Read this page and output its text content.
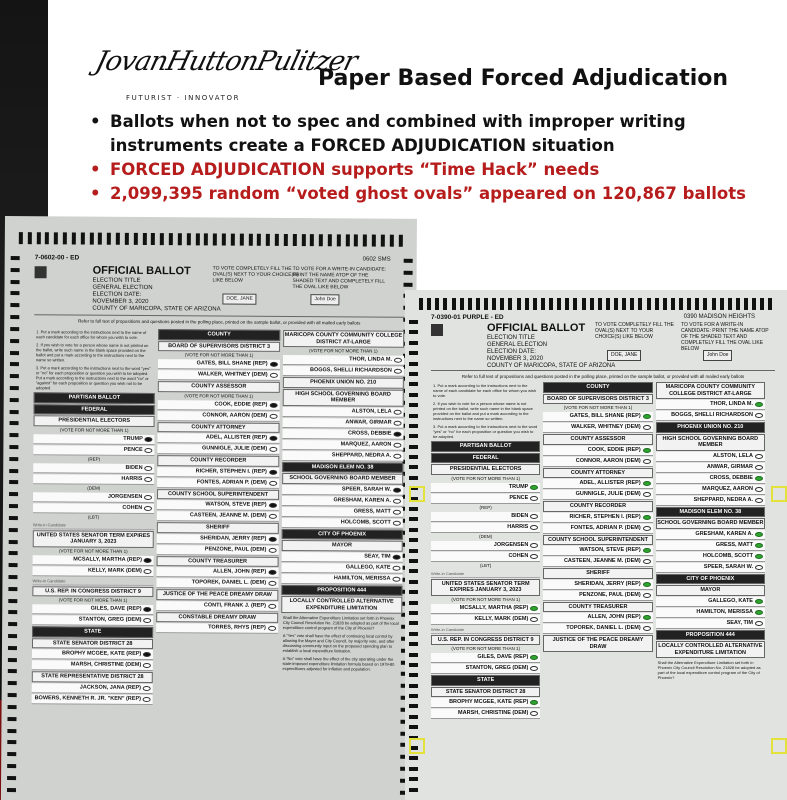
JovanHuttonPulitzer
FUTURIST · INNOVATOR
Paper Based Forced Adjudication
• Ballots when not to spec and combined with improper writing instruments create a FORCED ADJUDICATION situation
• FORCED ADJUDICATION supports “Time Hack” needs
• 2,099,395 random “voted ghost ovals” appeared on 120,867 ballots
7-0602-00 - ED	0602 SMS
OFFICIAL BALLOT
ELECTION TITLE
GENERAL ELECTION
ELECTION DATE:
NOVEMBER 3, 2020
COUNTY OF MARICOPA, STATE OF ARIZONA
TO VOTE COMPLETELY FILL THE OVAL(S) NEXT TO YOUR CHOICE(S) LIKE BELOW
TO VOTE FOR A WRITE-IN CANDIDATE: PRINT THE NAME ATOP OF THE SHADED TEXT AND COMPLETELY FILL THE OVAL LIKE BELOW
DOE, JANE	John Doe
Refer to full text of propositions and questions posted in the polling place, printed on the sample ballot, or provided with all mailed early ballots
1. Put a mark according to the instructions next to the name of each candidate for each office for whom you wish to vote.
2. If you wish to vote for a person whose name is not printed on the ballot, write such name in the blank space provided on the ballot and put a mark according to the instructions next to the name so written.
3. Put a mark according to the instructions next to the word "yes" or "no" for each proposition or question you wish to be adopted. Put a mark according to the instructions next to the word "no" or "against" for each proposition or question you wish not to be adopted.
PARTISAN BALLOT
FEDERAL
PRESIDENTIAL ELECTORS
(VOTE FOR NOT MORE THAN 1)
TRUMP
PENCE
(REP)
BIDEN
HARRIS
(DEM)
JORGENSEN
COHEN
(LBT)
Write-in Candidate
UNITED STATES SENATOR TERM EXPIRES JANUARY 3, 2023
(VOTE FOR NOT MORE THAN 1)
MCSALLY, MARTHA (REP)
KELLY, MARK (DEM)
Write-in Candidate
U.S. REP. IN CONGRESS DISTRICT 9
(VOTE FOR NOT MORE THAN 1)
GILES, DAVE (REP)
STANTON, GREG (DEM)
STATE
STATE SENATOR DISTRICT 28
BROPHY MCGEE, KATE (REP)
MARSH, CHRISTINE (DEM)
STATE REPRESENTATIVE DISTRICT 28
JACKSON, JANA (REP)
BOWERS, KENNETH R. JR. "KEN" (REP)
COUNTY
BOARD OF SUPERVISORS DISTRICT 3
(VOTE FOR NOT MORE THAN 1)
GATES, BILL SHANE (REP)
WALKER, WHITNEY (DEM)
COUNTY ASSESSOR
(VOTE FOR NOT MORE THAN 1)
COOK, EDDIE (REP)
CONNOR, AARON (DEM)
COUNTY ATTORNEY
ADEL, ALLISTER (REP)
GUNNIGLE, JULIE (DEM)
COUNTY RECORDER
RICHER, STEPHEN I. (REP)
FONTES, ADRIAN P. (DEM)
COUNTY SCHOOL SUPERINTENDENT
WATSON, STEVE (REP)
CASTEEN, JEANNE M. (DEM)
SHERIFF
SHERIDAN, JERRY (REP)
PENZONE, PAUL (DEM)
COUNTY TREASURER
ALLEN, JOHN (REP)
TOPOREK, DANIEL L. (DEM)
JUSTICE OF THE PEACE DREAMY DRAW
CONTI, FRANK J. (REP)
CONSTABLE DREAMY DRAW
TORRES, RHYS (REP)
MARICOPA COUNTY COMMUNITY COLLEGE DISTRICT AT-LARGE
(VOTE FOR NOT MORE THAN 1)
THOR, LINDA M.
BOGGS, SHELLI RICHARDSON
PHOENIX UNION NO. 210
HIGH SCHOOL GOVERNING BOARD MEMBER
ALSTON, LELA
ANWAR, GIRMAR
CROSS, DEBBIE
MARQUEZ, AARON
SHEPPARD, NEDRA A.
MADISON ELEM NO. 38
SCHOOL GOVERNING BOARD MEMBER
SPEER, SARAH W.
GRESHAM, KAREN A.
GRESS, MATT
HOLCOMB, SCOTT
CITY OF PHOENIX
MAYOR
SEAY, TIM
GALLEGO, KATE
HAMILTON, MERISSA
PROPOSITION 444
LOCALLY CONTROLLED ALTERNATIVE EXPENDITURE LIMITATION
Shall the Alternative Expenditure Limitation set forth in Phoenix City Council Resolution No. 21828 be adopted as part of the local expenditure control program of the City of Phoenix?
A "Yes" vote shall have the effect of continuing local control by allowing the Mayor and City Council, by majority vote, and after discussing community input on the proposed spending plan to establish a local expenditure limitation.
A "No" vote shall have the effect of the city operating under the state-imposed expenditure limitation formula based on 1979-80 expenditures adjusted for inflation and population.
7-0390-01 PURPLE - ED	0390 MADISON HEIGHTS
OFFICIAL BALLOT
ELECTION TITLE
GENERAL ELECTION
ELECTION DATE:
NOVEMBER 3, 2020
COUNTY OF MARICOPA, STATE OF ARIZONA
TO VOTE COMPLETELY FILL THE OVAL(S) NEXT TO YOUR CHOICE(S) LIKE BELOW
TO VOTE FOR A WRITE-IN CANDIDATE: PRINT THE NAME ATOP OF THE SHADED TEXT AND COMPLETELY FILL THE OVAL LIKE BELOW
DOE, JANE	John Doe
Refer to full text of propositions and questions posted in the polling place, printed on the sample ballot, or provided with all mailed early ballots
1. Put a mark according to the instructions next to the name of each candidate for each office for whom you wish to vote.
2. If you wish to vote for a person whose name is not printed on the ballot, write such name in the blank space provided on the ballot and put a mark according to the instructions next to the name so written.
3. Put a mark according to the instructions next to the word "yes" or "no" for each proposition or question you wish to be adopted.
PARTISAN BALLOT
FEDERAL
PRESIDENTIAL ELECTORS
(VOTE FOR NOT MORE THAN 1)
TRUMP
PENCE
(REP)
BIDEN
HARRIS
(DEM)
JORGENSEN
COHEN
(LBT)
Write-in Candidate
UNITED STATES SENATOR TERM EXPIRES JANUARY 3, 2023
(VOTE FOR NOT MORE THAN 1)
MCSALLY, MARTHA (REP)
KELLY, MARK (DEM)
Write-in Candidate
U.S. REP. IN CONGRESS DISTRICT 9
(VOTE FOR NOT MORE THAN 1)
GILES, DAVE (REP)
STANTON, GREG (DEM)
STATE
STATE SENATOR DISTRICT 28
BROPHY MCGEE, KATE (REP)
MARSH, CHRISTINE (DEM)
COUNTY
BOARD OF SUPERVISORS DISTRICT 3
(VOTE FOR NOT MORE THAN 1)
GATES, BILL SHANE (REP)
WALKER, WHITNEY (DEM)
COUNTY ASSESSOR
COOK, EDDIE (REP)
CONNOR, AARON (DEM)
COUNTY ATTORNEY
ADEL, ALLISTER (REP)
GUNNIGLE, JULIE (DEM)
COUNTY RECORDER
RICHER, STEPHEN I. (REP)
FONTES, ADRIAN P. (DEM)
COUNTY SCHOOL SUPERINTENDENT
WATSON, STEVE (REP)
CASTEEN, JEANNE M. (DEM)
SHERIFF
SHERIDAN, JERRY (REP)
PENZONE, PAUL (DEM)
COUNTY TREASURER
ALLEN, JOHN (REP)
TOPOREK, DANIEL L. (DEM)
JUSTICE OF THE PEACE DREAMY DRAW
MARICOPA COUNTY COMMUNITY COLLEGE DISTRICT AT-LARGE
THOR, LINDA M.
BOGGS, SHELLI RICHARDSON
PHOENIX UNION NO. 210
HIGH SCHOOL GOVERNING BOARD MEMBER
ALSTON, LELA
ANWAR, GIRMAR
CROSS, DEBBIE
MARQUEZ, AARON
SHEPPARD, NEDRA A.
MADISON ELEM NO. 38
SCHOOL GOVERNING BOARD MEMBER
GRESHAM, KAREN A.
GRESS, MATT
HOLCOMB, SCOTT
SPEER, SARAH W.
CITY OF PHOENIX
MAYOR
GALLEGO, KATE
HAMILTON, MERISSA
SEAY, TIM
PROPOSITION 444
LOCALLY CONTROLLED ALTERNATIVE EXPENDITURE LIMITATION
Shall the Alternative Expenditure Limitation set forth in Phoenix City Council Resolution No. 21828 be adopted as part of the local expenditure control program of the City of Phoenix?
